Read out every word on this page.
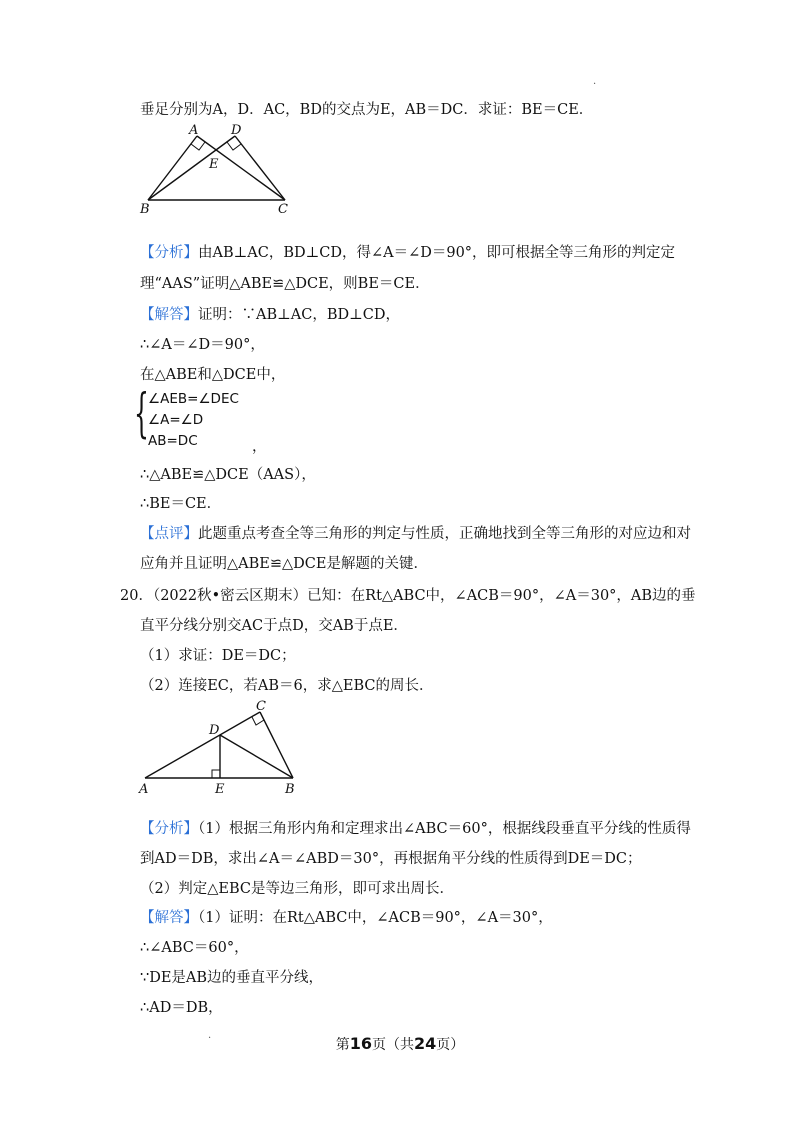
.
垂足分别为A，D．AC，BD的交点为E，AB＝DC．求证：BE＝CE．
A	D
E
B	C
【分析】由AB⊥AC，BD⊥CD，得∠A＝∠D＝90°，即可根据全等三角形的判定定
理“AAS”证明△ABE≌△DCE，则BE＝CE．
【解答】证明：∵AB⊥AC，BD⊥CD，
∴∠A＝∠D＝90°，
在△ABE和△DCE中，
{ ∠AEB=∠DEC
∠A=∠D
AB=DC	，
∴△ABE≌△DCE（AAS），
∴BE＝CE．
【点评】此题重点考查全等三角形的判定与性质，正确地找到全等三角形的对应边和对
应角并且证明△ABE≌△DCE是解题的关键．
20．（2022秋•密云区期末）已知：在Rt△ABC中，∠ACB＝90°，∠A＝30°，AB边的垂
直平分线分别交AC于点D，交AB于点E．
（1）求证：DE＝DC；
（2）连接EC，若AB＝6，求△EBC的周长．
C
D
A	E	B
【分析】（1）根据三角形内角和定理求出∠ABC＝60°，根据线段垂直平分线的性质得
到AD＝DB，求出∠A＝∠ABD＝30°，再根据角平分线的性质得到DE＝DC；
（2）判定△EBC是等边三角形，即可求出周长．
【解答】（1）证明：在Rt△ABC中，∠ACB＝90°，∠A＝30°，
∴∠ABC＝60°，
∵DE是AB边的垂直平分线，
∴AD＝DB，
.
第16页（共24页）
